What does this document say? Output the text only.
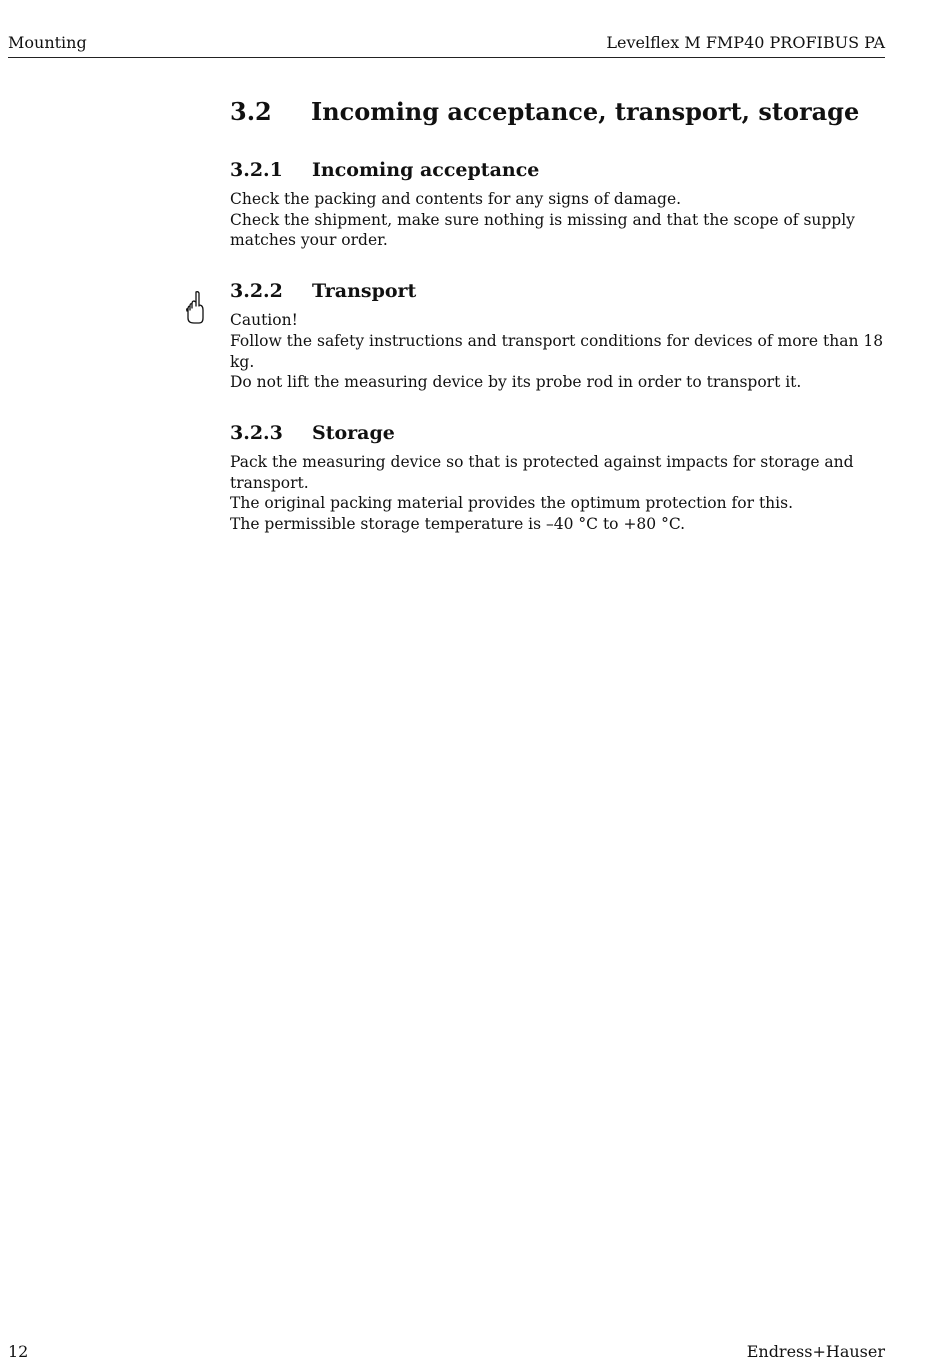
Mounting	Levelflex M FMP40 PROFIBUS PA
3.2	Incoming acceptance, transport, storage
3.2.1	Incoming acceptance

Check the packing and contents for any signs of damage.

Check the shipment, make sure nothing is missing and that the scope of supply matches your order.

3.2.2	Transport

Caution!

Follow the safety instructions and transport conditions for devices of more than 18 kg.

Do not lift the measuring device by its probe rod in order to transport it.

3.2.3	Storage

Pack the measuring device so that is protected against impacts for storage and transport.

The original packing material provides the optimum protection for this.

The permissible storage temperature is –40 °C to +80 °C.

12	Endress+Hauser
